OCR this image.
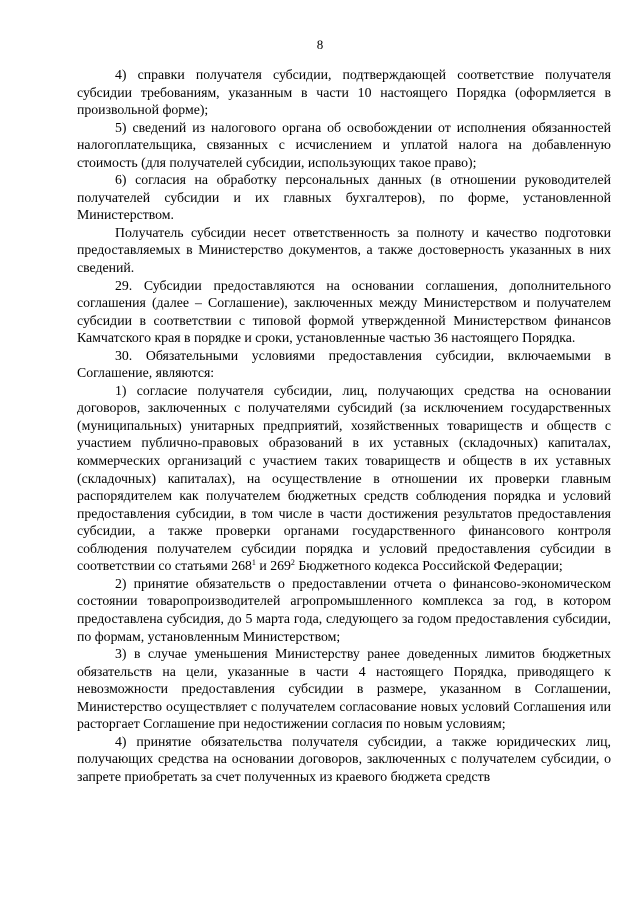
8

4) справки получателя субсидии, подтверждающей соответствие получателя субсидии требованиям, указанным в части 10 настоящего Порядка (оформляется в произвольной форме);

5) сведений из налогового органа об освобождении от исполнения обязанностей налогоплательщика, связанных с исчислением и уплатой налога на добавленную стоимость (для получателей субсидии, использующих такое право);

6) согласия на обработку персональных данных (в отношении руководителей получателей субсидии и их главных бухгалтеров), по форме, установленной Министерством.

Получатель субсидии несет ответственность за полноту и качество подготовки предоставляемых в Министерство документов, а также достоверность указанных в них сведений.

29. Субсидии предоставляются на основании соглашения, дополнительного соглашения (далее – Соглашение), заключенных между Министерством и получателем субсидии в соответствии с типовой формой утвержденной Министерством финансов Камчатского края в порядке и сроки, установленные частью 36 настоящего Порядка.

30. Обязательными условиями предоставления субсидии, включаемыми в Соглашение, являются:

1) согласие получателя субсидии, лиц, получающих средства на основании договоров, заключенных с получателями субсидий (за исключением государственных (муниципальных) унитарных предприятий, хозяйственных товариществ и обществ с участием публично-правовых образований в их уставных (складочных) капиталах, коммерческих организаций с участием таких товариществ и обществ в их уставных (складочных) капиталах), на осуществление в отношении их проверки главным распорядителем как получателем бюджетных средств соблюдения порядка и условий предоставления субсидии, в том числе в части достижения результатов предоставления субсидии, а также проверки органами государственного финансового контроля соблюдения получателем субсидии порядка и условий предоставления субсидии в соответствии со статьями $268^1$ и $269^2$ Бюджетного кодекса Российской Федерации;

2) принятие обязательств о предоставлении отчета о финансово-экономическом состоянии товаропроизводителей агропромышленного комплекса за год, в котором предоставлена субсидия, до 5 марта года, следующего за годом предоставления субсидии, по формам, установленным Министерством;

3) в случае уменьшения Министерству ранее доведенных лимитов бюджетных обязательств на цели, указанные в части 4 настоящего Порядка, приводящего к невозможности предоставления субсидии в размере, указанном в Соглашении, Министерство осуществляет с получателем согласование новых условий Соглашения или расторгает Соглашение при недостижении согласия по новым условиям;

4) принятие обязательства получателя субсидии, а также юридических лиц, получающих средства на основании договоров, заключенных с получателем субсидии, о запрете приобретать за счет полученных из краевого бюджета средств
